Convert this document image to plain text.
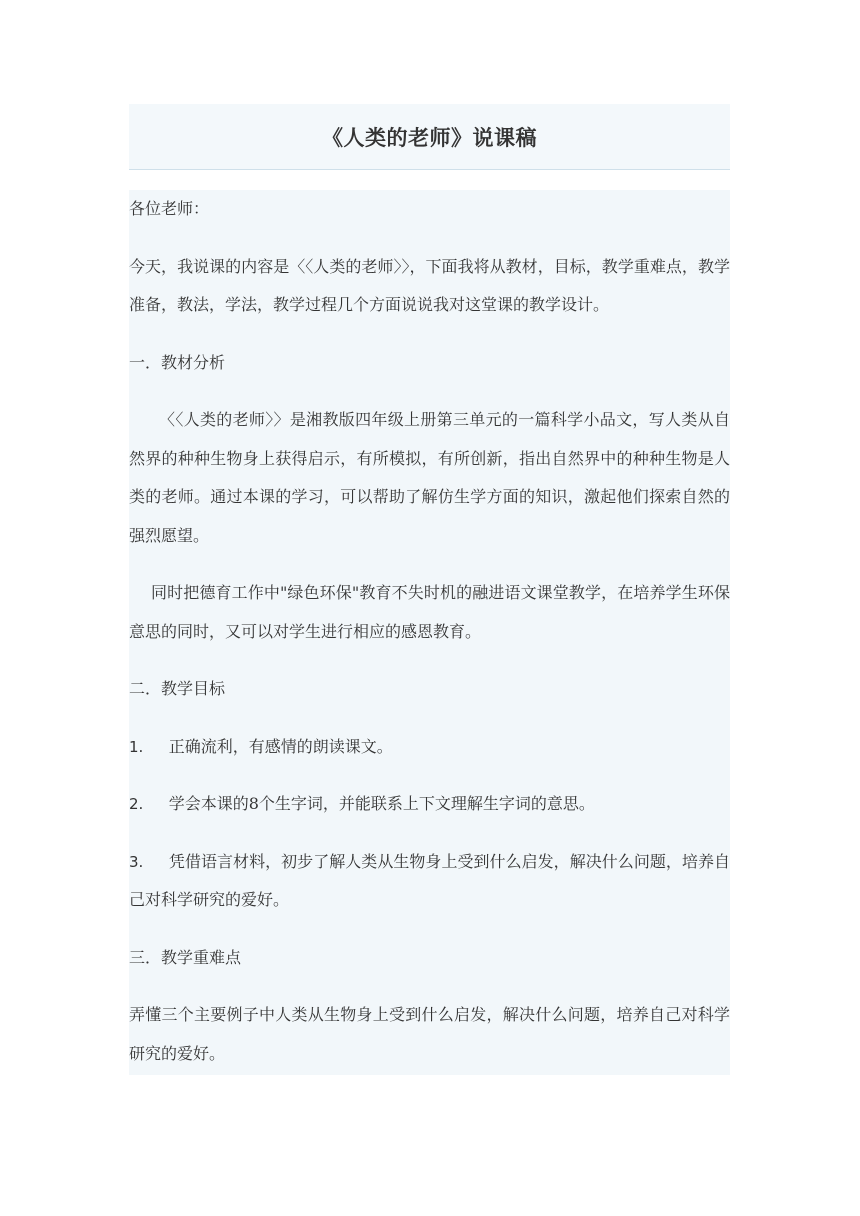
《人类的老师》说课稿

各位老师：

今天，我说课的内容是〈〈人类的老师〉〉，下面我将从教材，目标，教学重难点，教学准备，教法，学法，教学过程几个方面说说我对这堂课的教学设计。

一．教材分析

〈〈人类的老师〉〉是湘教版四年级上册第三单元的一篇科学小品文，写人类从自然界的种种生物身上获得启示，有所模拟，有所创新，指出自然界中的种种生物是人类的老师。通过本课的学习，可以帮助了解仿生学方面的知识，激起他们探索自然的强烈愿望。

同时把德育工作中"绿色环保"教育不失时机的融进语文课堂教学，在培养学生环保意思的同时，又可以对学生进行相应的感恩教育。

二．教学目标

1. 正确流利，有感情的朗读课文。

2. 学会本课的8个生字词，并能联系上下文理解生字词的意思。

3. 凭借语言材料，初步了解人类从生物身上受到什么启发，解决什么问题，培养自己对科学研究的爱好。

三．教学重难点

弄懂三个主要例子中人类从生物身上受到什么启发，解决什么问题，培养自己对科学研究的爱好。
